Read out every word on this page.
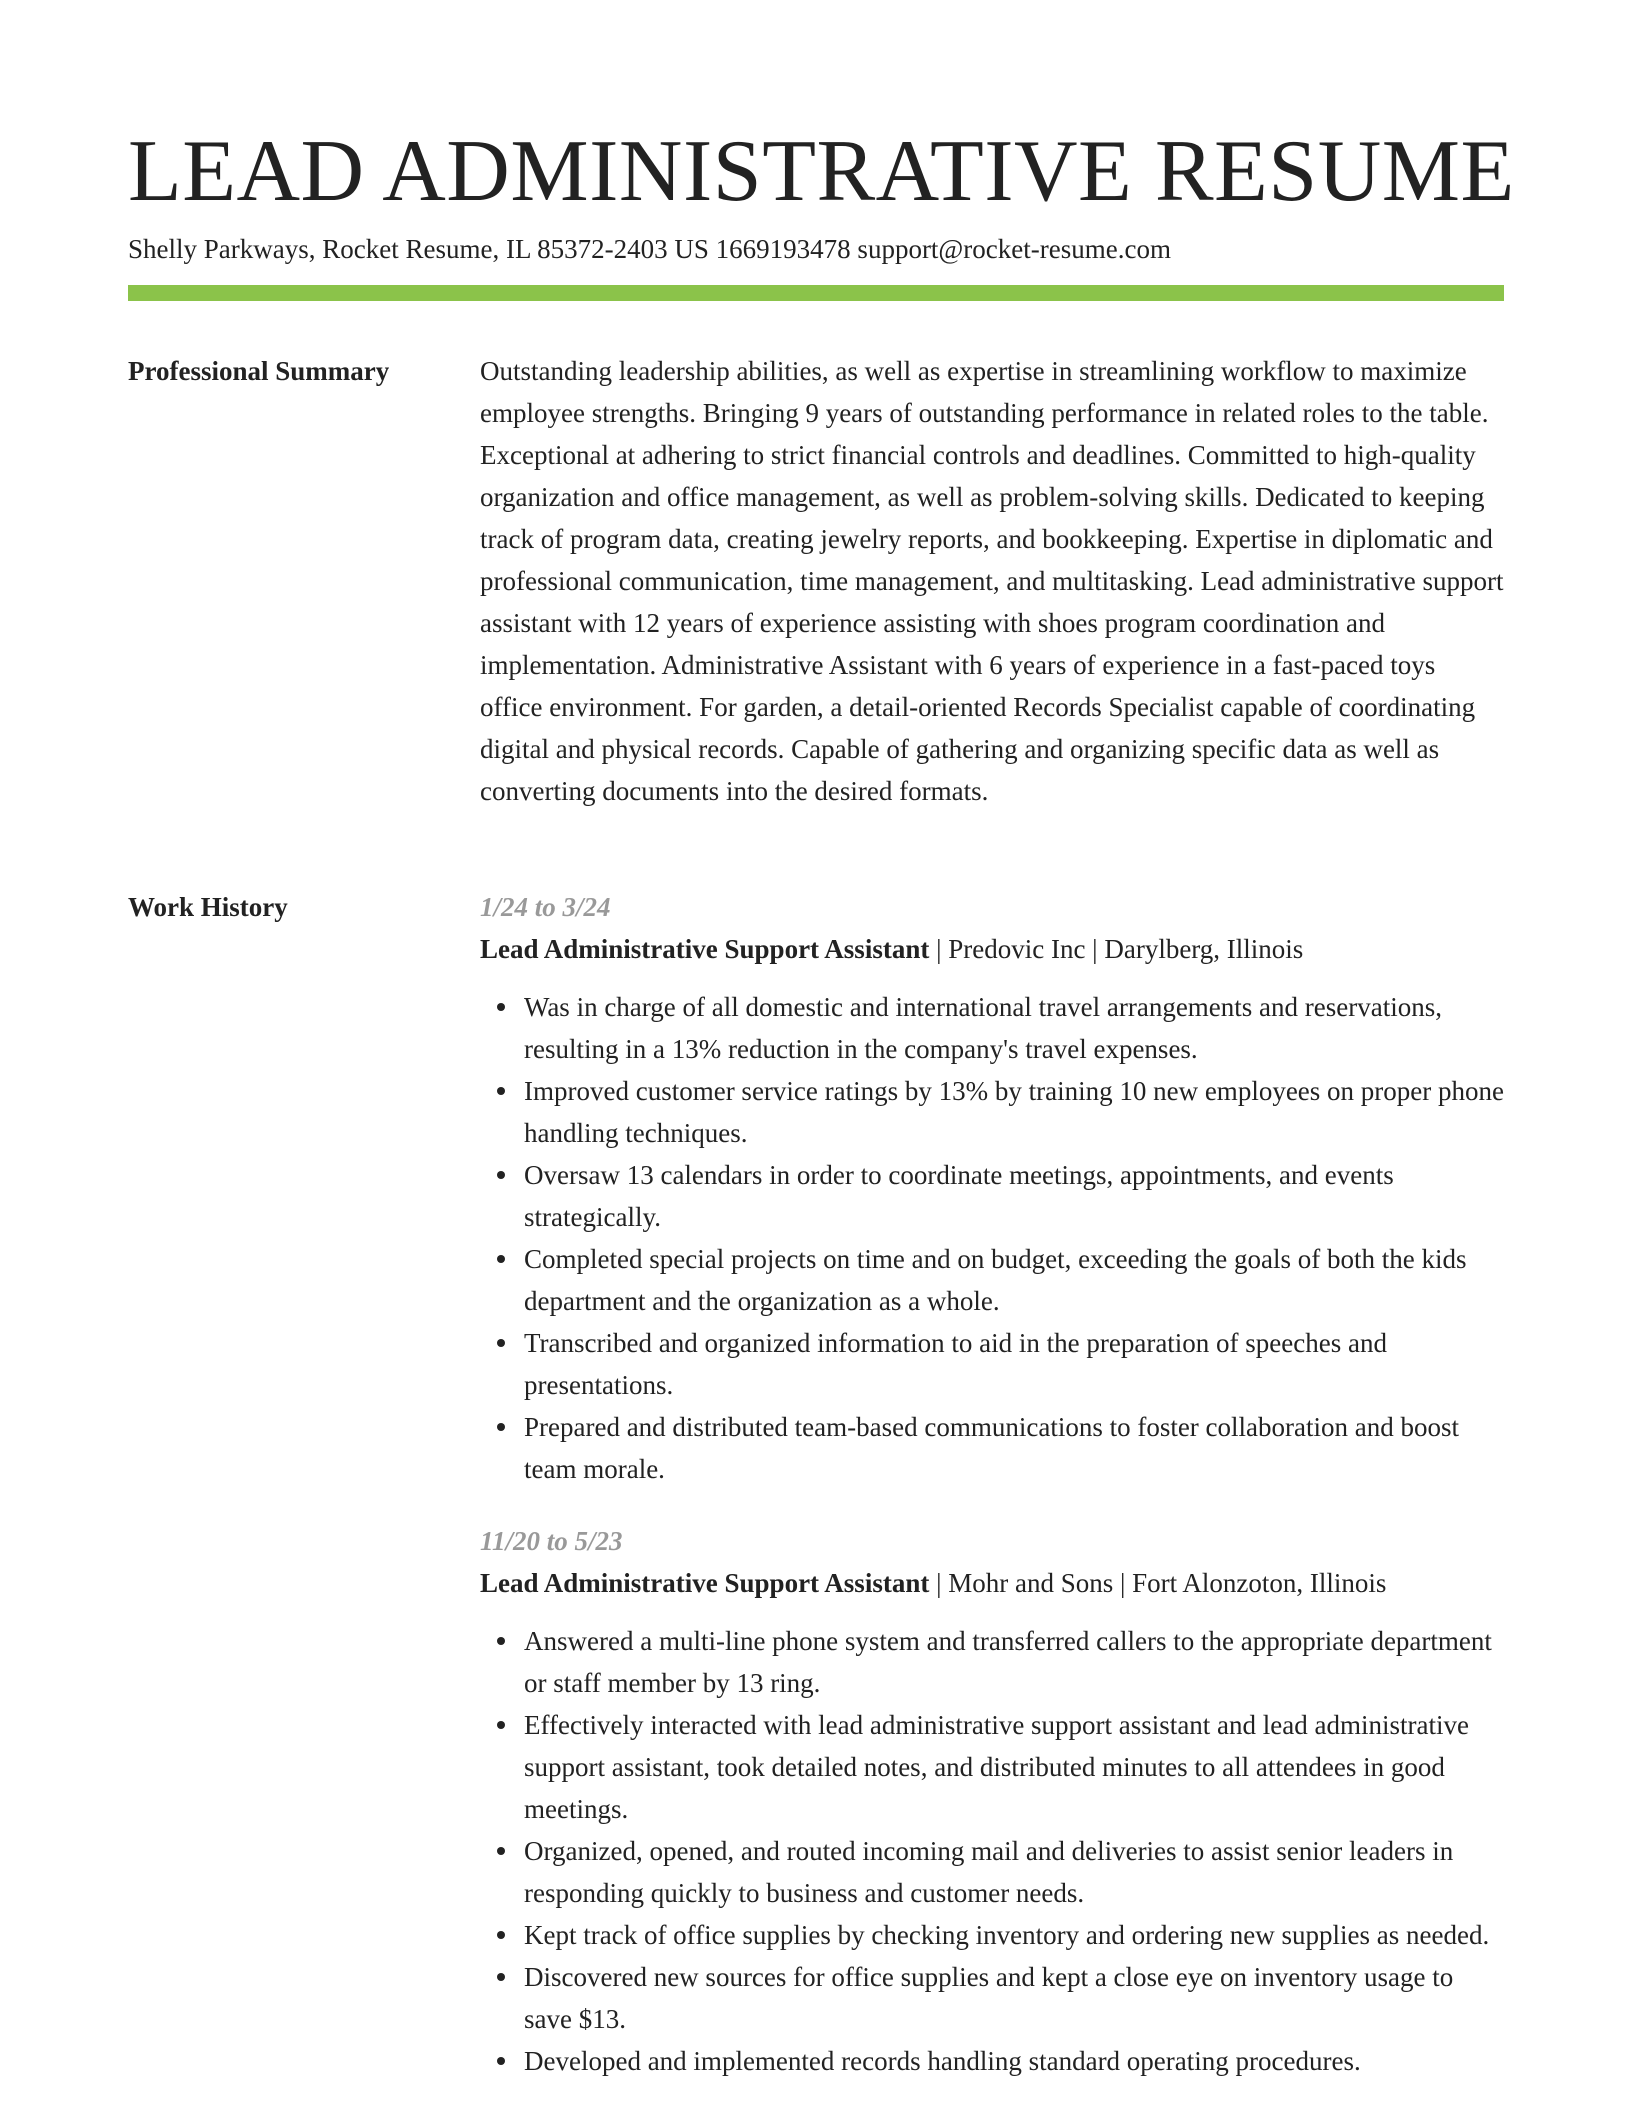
LEAD ADMINISTRATIVE RESUME
Shelly Parkways, Rocket Resume, IL 85372-2403 US 1669193478 support@rocket-resume.com
Professional Summary	Outstanding leadership abilities, as well as expertise in streamlining workflow to maximize employee strengths. Bringing 9 years of outstanding performance in related roles to the table. Exceptional at adhering to strict financial controls and deadlines. Committed to high-quality organization and office management, as well as problem-solving skills. Dedicated to keeping track of program data, creating jewelry reports, and bookkeeping. Expertise in diplomatic and professional communication, time management, and multitasking. Lead administrative support assistant with 12 years of experience assisting with shoes program coordination and implementation. Administrative Assistant with 6 years of experience in a fast-paced toys office environment. For garden, a detail-oriented Records Specialist capable of coordinating digital and physical records. Capable of gathering and organizing specific data as well as converting documents into the desired formats.

Work History	1/24 to 3/24
Lead Administrative Support Assistant | Predovic Inc | Darylberg, Illinois
Was in charge of all domestic and international travel arrangements and reservations, resulting in a 13% reduction in the company's travel expenses.
Improved customer service ratings by 13% by training 10 new employees on proper phone handling techniques.
Oversaw 13 calendars in order to coordinate meetings, appointments, and events strategically.
Completed special projects on time and on budget, exceeding the goals of both the kids department and the organization as a whole.
Transcribed and organized information to aid in the preparation of speeches and presentations.
Prepared and distributed team-based communications to foster collaboration and boost team morale.
11/20 to 5/23
Lead Administrative Support Assistant | Mohr and Sons | Fort Alonzoton, Illinois
Answered a multi-line phone system and transferred callers to the appropriate department or staff member by 13 ring.
Effectively interacted with lead administrative support assistant and lead administrative support assistant, took detailed notes, and distributed minutes to all attendees in good meetings.
Organized, opened, and routed incoming mail and deliveries to assist senior leaders in responding quickly to business and customer needs.
Kept track of office supplies by checking inventory and ordering new supplies as needed.
Discovered new sources for office supplies and kept a close eye on inventory usage to save $13.
Developed and implemented records handling standard operating procedures.
